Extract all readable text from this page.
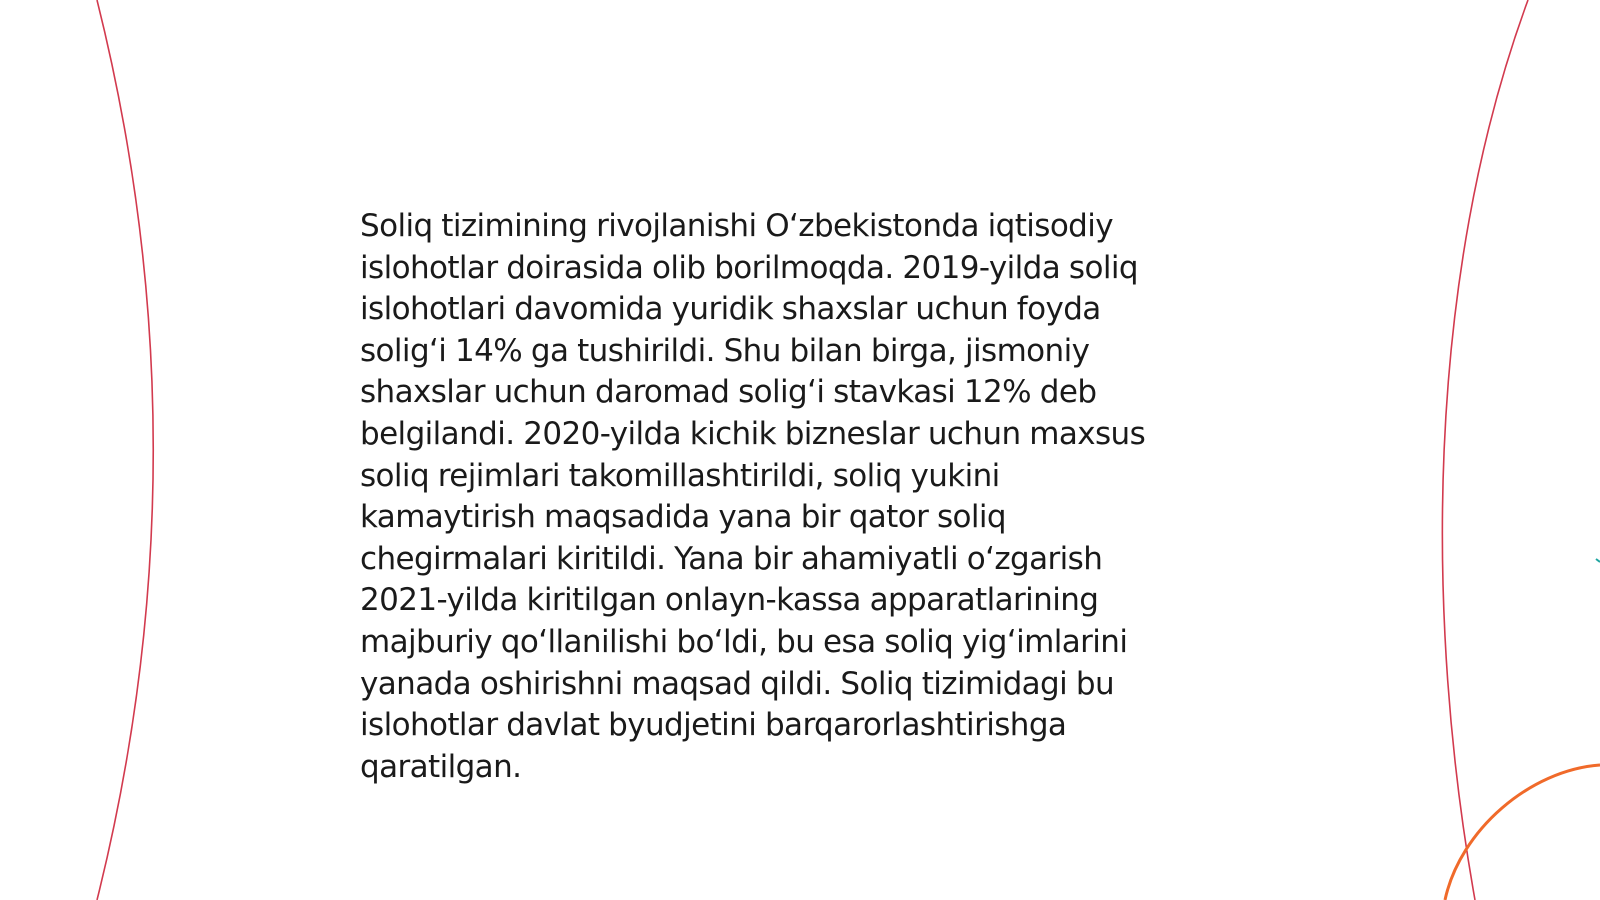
Soliq tizimining rivojlanishi O‘zbekistonda iqtisodiy
islohotlar doirasida olib borilmoqda. 2019-yilda soliq
islohotlari davomida yuridik shaxslar uchun foyda
solig‘i 14% ga tushirildi. Shu bilan birga, jismoniy
shaxslar uchun daromad solig‘i stavkasi 12% deb
belgilandi. 2020-yilda kichik bizneslar uchun maxsus
soliq rejimlari takomillashtirildi, soliq yukini
kamaytirish maqsadida yana bir qator soliq
chegirmalari kiritildi. Yana bir ahamiyatli o‘zgarish
2021-yilda kiritilgan onlayn-kassa apparatlarining
majburiy qo‘llanilishi bo‘ldi, bu esa soliq yig‘imlarini
yanada oshirishni maqsad qildi. Soliq tizimidagi bu
islohotlar davlat byudjetini barqarorlashtirishga
qaratilgan.
